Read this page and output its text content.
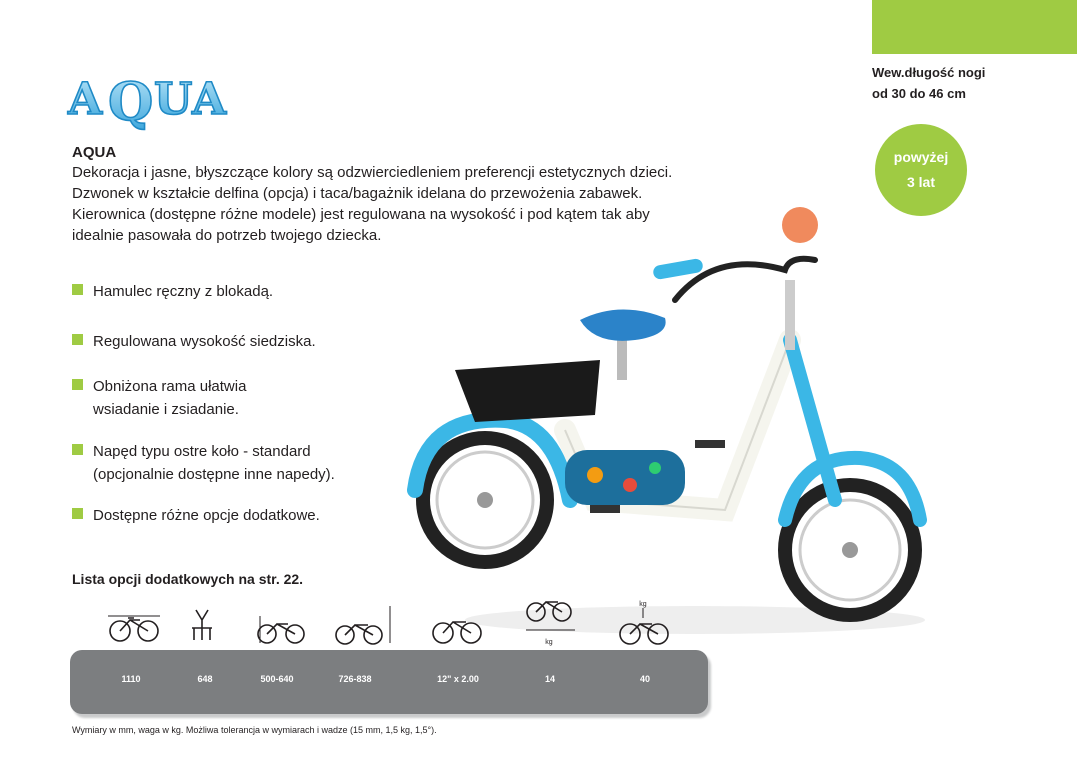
Wew.długość nogi
od 30 do 46 cm
powyżej
3 lat
A Q U A
AQUA
Dekoracja i jasne, błyszczące kolory są odzwierciedleniem preferencji estetycznych dzieci. Dzwonek w kształcie delfina (opcja) i taca/bagażnik idelana do przewożenia zabawek. Kierownica (dostępne różne modele) jest regulowana na wysokość i pod kątem tak aby idealnie pasowała do potrzeb twojego dziecka.
Hamulec ręczny z blokadą.
Regulowana wysokość siedziska.
Obniżona rama ułatwia
wsiadanie i zsiadanie.
Napęd typu ostre koło - standard
(opcjonalnie dostępne inne napedy).
Dostępne różne opcje dodatkowe.
Lista opcji dodatkowych na str. 22.
kg
kg
1110	648	500-640	726-838	12" x 2.00	14	40
Wymiary w mm, waga w kg. Możliwa tolerancja w wymiarach i wadze (15 mm, 1,5 kg, 1,5°).
